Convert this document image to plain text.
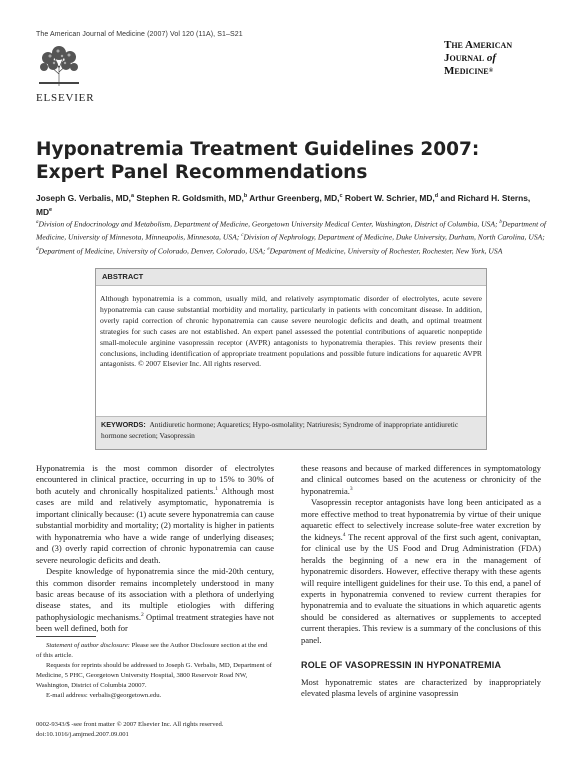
The American Journal of Medicine (2007) Vol 120 (11A), S1–S21
ELSEVIER
The American
Journal of
Medicine®
Hyponatremia Treatment Guidelines 2007: Expert Panel Recommendations
Joseph G. Verbalis, MD,$^a$ Stephen R. Goldsmith, MD,$^b$ Arthur Greenberg, MD,$^c$ Robert W. Schrier, MD,$^d$ and Richard H. Sterns, MDe
$^a$Division of Endocrinology and Metabolism, Department of Medicine, Georgetown University Medical Center, Washington, District of Columbia, USA; $^b$Department of Medicine, University of Minnesota, Minneapolis, Minnesota, USA; $^c$Division of Nephrology, Department of Medicine, Duke University, Durham, North Carolina, USA; $^d$Department of Medicine, University of Colorado, Denver, Colorado, USA; $^e$Department of Medicine, University of Rochester, Rochester, New York, USA
ABSTRACT
Although hyponatremia is a common, usually mild, and relatively asymptomatic disorder of electrolytes, acute severe hyponatremia can cause substantial morbidity and mortality, particularly in patients with concomitant disease. In addition, overly rapid correction of chronic hyponatremia can cause severe neurologic deficits and death, and optimal treatment strategies for such cases are not established. An expert panel assessed the potential contributions of aquaretic nonpeptide small-molecule arginine vasopressin receptor (AVPR) antagonists to hyponatremia therapies. This review presents their conclusions, including identification of appropriate treatment populations and possible future indications for aquaretic AVPR antagonists. © 2007 Elsevier Inc. All rights reserved.
KEYWORDS: Antidiuretic hormone; Aquaretics; Hypo-osmolality; Natriuresis; Syndrome of inappropriate antidiuretic hormone secretion; Vasopressin

Hyponatremia is the most common disorder of electrolytes encountered in clinical practice, occurring in up to 15% to 30% of both acutely and chronically hospitalized patients.$^1$ Although most cases are mild and relatively asymptomatic, hyponatremia is important clinically because: (1) acute severe hyponatremia can cause substantial morbidity and mortality; (2) mortality is higher in patients with hyponatremia who have a wide range of underlying diseases; and (3) overly rapid correction of chronic hyponatremia can cause severe neurologic deficits and death.

Despite knowledge of hyponatremia since the mid-20th century, this common disorder remains incompletely understood in many basic areas because of its association with a plethora of underlying disease states, and its multiple etiologies with differing pathophysiologic mechanisms.$^2$ Optimal treatment strategies have not been well defined, both for

these reasons and because of marked differences in symptomatology and clinical outcomes based on the acuteness or chronicity of the hyponatremia.$^3$

Vasopressin receptor antagonists have long been anticipated as a more effective method to treat hyponatremia by virtue of their unique aquaretic effect to selectively increase solute-free water excretion by the kidneys.$^4$ The recent approval of the first such agent, conivaptan, for clinical use by the US Food and Drug Administration (FDA) heralds the beginning of a new era in the management of hyponatremic disorders. However, effective therapy with these agents will require intelligent guidelines for their use. To this end, a panel of experts in hyponatremia convened to review current therapies for hyponatremia and to evaluate the situations in which aquaretic agents should be considered as alternatives or supplements to accepted current therapies. This review is a summary of the conclusions of this panel.

ROLE OF VASOPRESSIN IN HYPONATREMIA
Most hyponatremic states are characterized by inappropriately elevated plasma levels of arginine vasopressin

Statement of author disclosure: Please see the Author Disclosure section at the end of this article.

Requests for reprints should be addressed to Joseph G. Verbalis, MD, Department of Medicine, 5 PHC, Georgetown University Hospital, 3800 Reservoir Road NW, Washington, District of Columbia 20007.

E-mail address: verbalis@georgetown.edu.

0002-9343/$ -see front matter © 2007 Elsevier Inc. All rights reserved.
doi:10.1016/j.amjmed.2007.09.001
